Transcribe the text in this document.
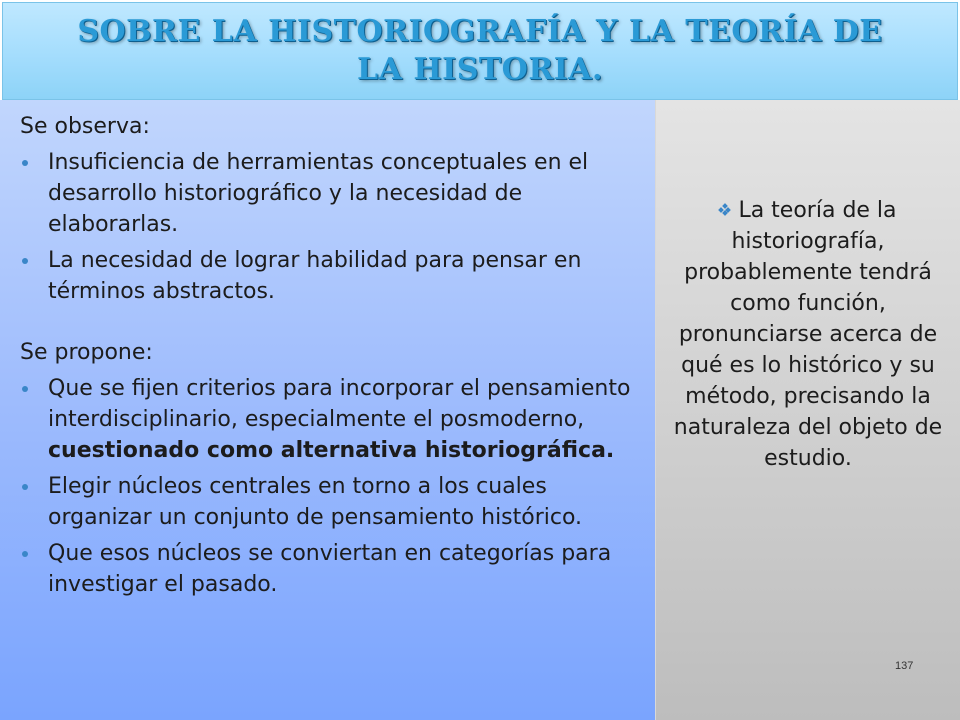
SOBRE LA HISTORIOGRAFÍA Y LA TEORÍA DE LA HISTORIA.

Se observa:

Insuficiencia de herramientas conceptuales en el desarrollo historiográfico y la necesidad de elaborarlas.
La necesidad de lograr habilidad para pensar en términos abstractos.

Se propone:

Que se fijen criterios para incorporar el pensamiento interdisciplinario, especialmente el posmoderno, cuestionado como alternativa historiográfica.
Elegir núcleos centrales en torno a los cuales organizar un conjunto de pensamiento histórico.
Que esos núcleos se conviertan en categorías para investigar el pasado.
La teoría de la historiografía, probablemente tendrá como función, pronunciarse acerca de qué es lo histórico y su método, precisando la naturaleza del objeto de estudio.
137
